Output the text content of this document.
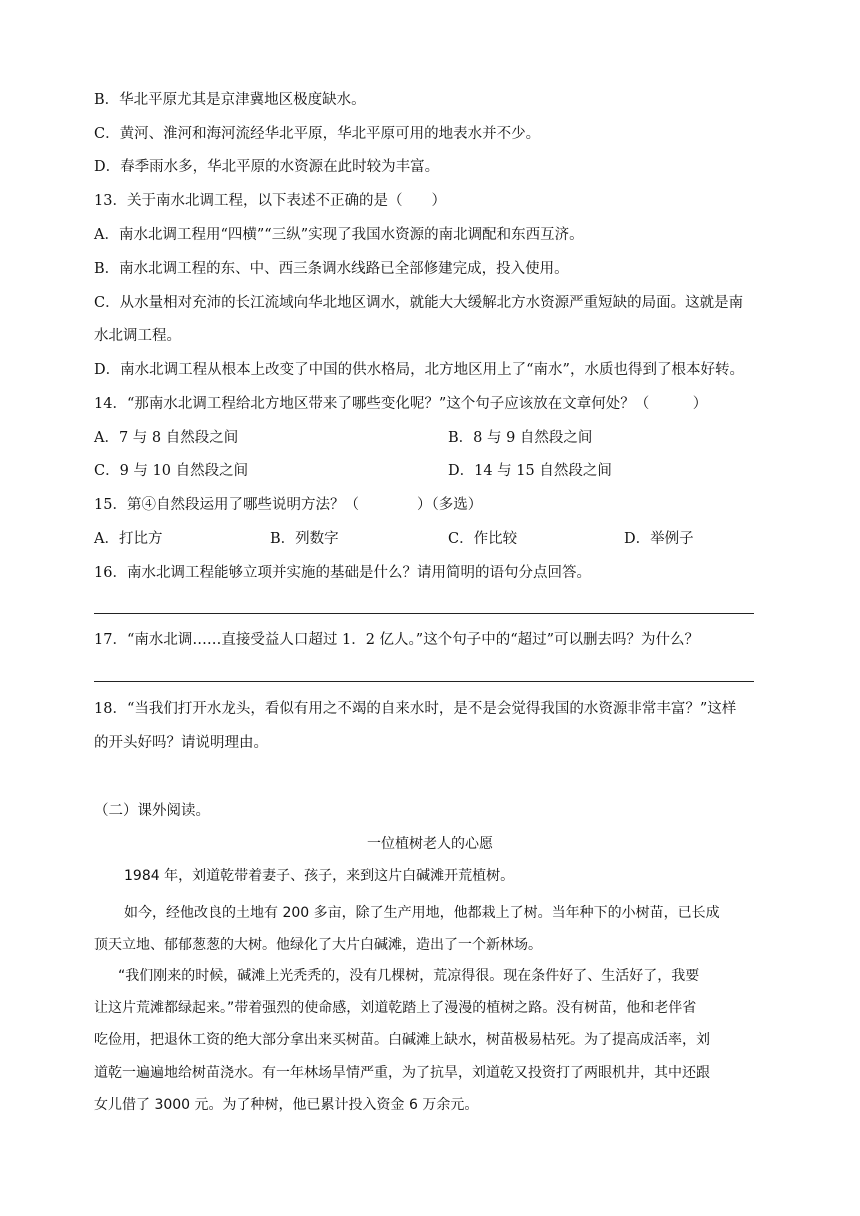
B．华北平原尤其是京津冀地区极度缺水。
C．黄河、淮河和海河流经华北平原，华北平原可用的地表水并不少。
D．春季雨水多，华北平原的水资源在此时较为丰富。
13．关于南水北调工程，以下表述不正确的是（　　）
A．南水北调工程用“四横”“三纵”实现了我国水资源的南北调配和东西互济。
B．南水北调工程的东、中、西三条调水线路已全部修建完成，投入使用。
C．从水量相对充沛的长江流域向华北地区调水，就能大大缓解北方水资源严重短缺的局面。这就是南
水北调工程。
D．南水北调工程从根本上改变了中国的供水格局，北方地区用上了“南水”，水质也得到了根本好转。
14．“那南水北调工程给北方地区带来了哪些变化呢？”这个句子应该放在文章何处？（　　　）
A．7 与 8 自然段之间	B．8 与 9 自然段之间
C．9 与 10 自然段之间	D．14 与 15 自然段之间
15．第④自然段运用了哪些说明方法？（　　　　）（多选）
A．打比方	B．列数字	C．作比较	D．举例子
16．南水北调工程能够立项并实施的基础是什么？请用简明的语句分点回答。
17．“南水北调……直接受益人口超过 1．2 亿人。”这个句子中的“超过”可以删去吗？为什么？
18．“当我们打开水龙头，看似有用之不竭的自来水时，是不是会觉得我国的水资源非常丰富？”这样
的开头好吗？请说明理由。
（二）课外阅读。
一位植树老人的心愿
1984 年，刘道乾带着妻子、孩子，来到这片白碱滩开荒植树。
如今，经他改良的土地有 200 多亩，除了生产用地，他都栽上了树。当年种下的小树苗，已长成
顶天立地、郁郁葱葱的大树。他绿化了大片白碱滩，造出了一个新林场。
“我们刚来的时候，碱滩上光秃秃的，没有几棵树，荒凉得很。现在条件好了、生活好了，我要
让这片荒滩都绿起来。”带着强烈的使命感，刘道乾踏上了漫漫的植树之路。没有树苗，他和老伴省
吃俭用，把退休工资的绝大部分拿出来买树苗。白碱滩上缺水，树苗极易枯死。为了提高成活率，刘
道乾一遍遍地给树苗浇水。有一年林场旱情严重，为了抗旱，刘道乾又投资打了两眼机井，其中还跟
女儿借了 3000 元。为了种树，他已累计投入资金 6 万余元。
